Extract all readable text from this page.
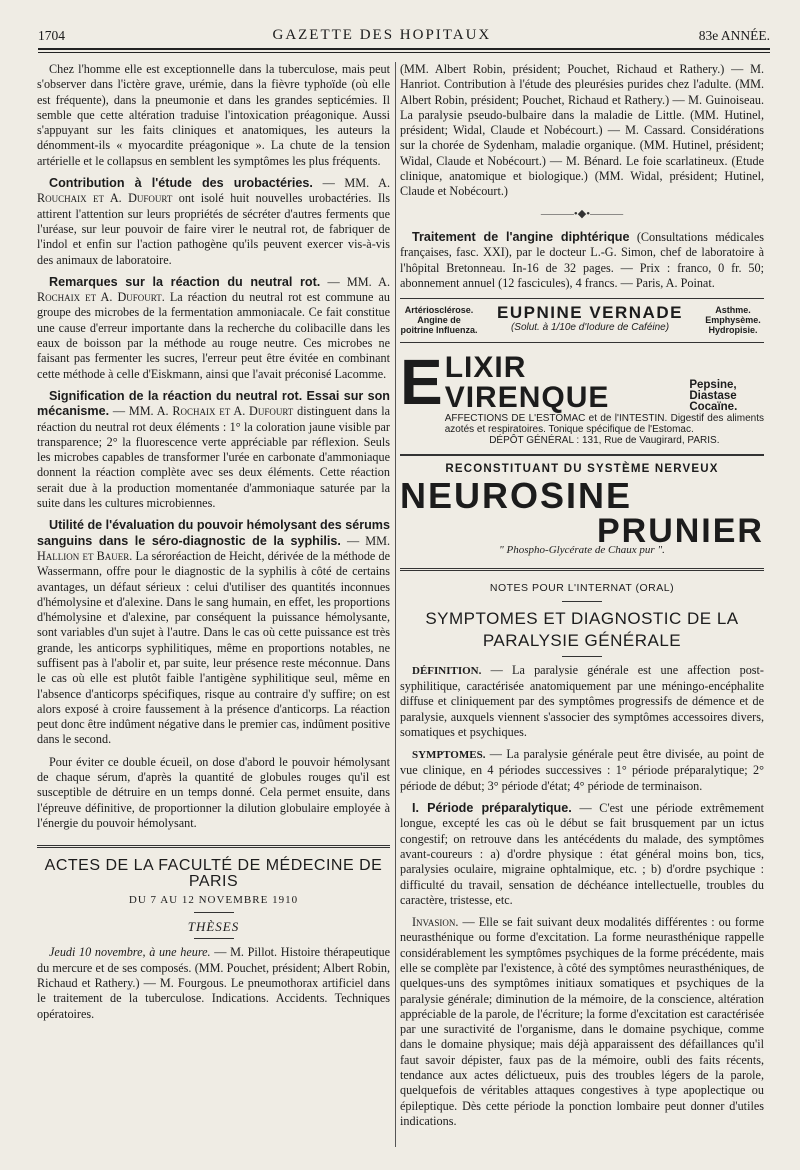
1704	GAZETTE DES HOPITAUX	83e ANNÉE.

Chez l'homme elle est exceptionnelle dans la tuberculose, mais peut s'observer dans l'ictère grave, urémie, dans la fièvre typhoïde (où elle est fréquente), dans la pneumonie et dans les grandes septicémies. Il semble que cette altération traduise l'intoxication préagonique. Aussi s'appuyant sur les faits cliniques et anatomiques, les auteurs la dénomment-ils « myocardite préagonique ». La chute de la tension artérielle et le collapsus en semblent les symptômes les plus fréquents.

Contribution à l'étude des urobactéries. — MM. A. Rouchaix et A. Dufourt ont isolé huit nouvelles urobactéries. Ils attirent l'attention sur leurs propriétés de sécréter d'autres ferments que l'uréase, sur leur pouvoir de faire virer le neutral rot, de fabriquer de l'indol et enfin sur l'action pathogène qu'ils peuvent exercer vis-à-vis des animaux de laboratoire.

Remarques sur la réaction du neutral rot. — MM. A. Rochaix et A. Dufourt. La réaction du neutral rot est commune au groupe des microbes de la fermentation ammoniacale. Ce fait constitue une cause d'erreur importante dans la recherche du colibacille dans les eaux de boisson par la méthode au rouge neutre. Ces microbes ne faisant pas fermenter les sucres, l'erreur peut être évitée en combinant cette méthode à celle d'Eiskmann, ainsi que l'avait préconisé Lacomme.

Signification de la réaction du neutral rot. Essai sur son mécanisme. — MM. A. Rochaix et A. Dufourt distinguent dans la réaction du neutral rot deux éléments : 1° la coloration jaune visible par transparence; 2° la fluorescence verte appréciable par réflexion. Seuls les microbes capables de transformer l'urée en carbonate d'ammoniaque donnent la réaction complète avec ses deux éléments. Cette réaction serait due à la production momentanée d'ammoniaque saturée par la suite dans les cultures microbiennes.

Utilité de l'évaluation du pouvoir hémolysant des sérums sanguins dans le séro-diagnostic de la syphilis. — MM. Hallion et Bauer. La séroréaction de Heicht, dérivée de la méthode de Wassermann, offre pour le diagnostic de la syphilis à côté de certains avantages, un défaut sérieux : celui d'utiliser des quantités inconnues d'hémolysine et d'alexine. Dans le sang humain, en effet, les proportions d'hémolysine et d'alexine, par conséquent la puissance hémolysante, sont variables d'un sujet à l'autre. Dans le cas où cette puissance est très grande, les anticorps syphilitiques, même en proportions notables, ne suffisent pas à l'abolir et, par suite, leur présence reste méconnue. Dans le cas où elle est plutôt faible l'antigène syphilitique seul, même en l'absence d'anticorps spécifiques, risque au contraire d'y suffire; on est alors exposé à croire faussement à la présence d'anticorps. La réaction peut donc être indûment négative dans le premier cas, indûment positive dans le second.

Pour éviter ce double écueil, on dose d'abord le pouvoir hémolysant de chaque sérum, d'après la quantité de globules rouges qu'il est susceptible de détruire en un temps donné. Cela permet ensuite, dans l'épreuve définitive, de proportionner la dilution globulaire employée à l'énergie du pouvoir hémolysant.

ACTES DE LA FACULTÉ DE MÉDECINE DE PARIS
DU 7 AU 12 NOVEMBRE 1910
THÈSES

Jeudi 10 novembre, à une heure. — M. Pillot. Histoire thérapeutique du mercure et de ses composés. (MM. Pouchet, président; Albert Robin, Richaud et Rathery.) — M. Fourgous. Le pneumothorax artificiel dans le traitement de la tuberculose. Indications. Accidents. Techniques opératoires.

(MM. Albert Robin, président; Pouchet, Richaud et Rathery.) — M. Hanriot. Contribution à l'étude des pleurésies purides chez l'adulte. (MM. Albert Robin, président; Pouchet, Richaud et Rathery.) — M. Guinoiseau. La paralysie pseudo-bulbaire dans la maladie de Little. (MM. Hutinel, président; Widal, Claude et Nobécourt.) — M. Cassard. Considérations sur la chorée de Sydenham, maladie organique. (MM. Hutinel, président; Widal, Claude et Nobécourt.) — M. Bénard. Le foie scarlatineux. (Etude clinique, anatomique et biologique.) (MM. Widal, président; Hutinel, Claude et Nobécourt.)

———•◆•———

Traitement de l'angine diphtérique (Consultations médicales françaises, fasc. XXI), par le docteur L.-G. Simon, chef de laboratoire à l'hôpital Bretonneau. In-16 de 32 pages. — Prix : franco, 0 fr. 50; abonnement annuel (12 fascicules), 4 francs. — Paris, A. Poinat.

Artériosclérose. Angine de poitrine Influenza.
EUPNINE VERNADE
(Solut. à 1/10e d'Iodure de Caféine)
Asthme. Emphysème. Hydropisie.
E LIXIR VIRENQUE	Pepsine, Diastase Cocaïne.
AFFECTIONS DE L'ESTOMAC et de l'INTESTIN. Digestif des aliments azotés et respiratoires. Tonique spécifique de l'Estomac.
DÉPÔT GÉNÉRAL : 131, Rue de Vaugirard, PARIS.
RECONSTITUANT DU SYSTÈME NERVEUX
NEUROSINE
PRUNIER
" Phospho-Glycérate de Chaux pur ".
NOTES POUR L'INTERNAT (ORAL)
SYMPTOMES ET DIAGNOSTIC DE LA PARALYSIE GÉNÉRALE

DÉFINITION. — La paralysie générale est une affection post-syphilitique, caractérisée anatomiquement par une méningo-encéphalite diffuse et cliniquement par des symptômes progressifs de démence et de paralysie, auxquels viennent s'associer des symptômes accessoires divers, somatiques et psychiques.

SYMPTOMES. — La paralysie générale peut être divisée, au point de vue clinique, en 4 périodes successives : 1° période préparalytique; 2° période de début; 3° période d'état; 4° période de terminaison.

I. Période préparalytique. — C'est une période extrêmement longue, excepté les cas où le début se fait brusquement par un ictus congestif; on retrouve dans les antécédents du malade, des symptômes avant-coureurs : a) d'ordre physique : état général moins bon, tics, paralysies oculaire, migraine ophtalmique, etc. ; b) d'ordre psychique : difficulté du travail, sensation de déchéance intellectuelle, troubles du caractère, tristesse, etc.

Invasion. — Elle se fait suivant deux modalités différentes : ou forme neurasthénique ou forme d'excitation. La forme neurasthénique rappelle considérablement les symptômes psychiques de la forme précédente, mais elle se complète par l'existence, à côté des symptômes neurasthéniques, de quelques-uns des symptômes initiaux somatiques et psychiques de la paralysie générale; diminution de la mémoire, de la conscience, altération appréciable de la parole, de l'écriture; la forme d'excitation est caractérisée par une suractivité de l'organisme, dans le domaine psychique, comme dans le domaine physique; mais déjà apparaissent des défaillances qu'il faut savoir dépister, faux pas de la mémoire, oubli des faits récents, tendance aux actes délictueux, puis des troubles légers de la parole, quelquefois de véritables attaques congestives à type apoplectique ou épileptique. Dès cette période la ponction lombaire peut donner d'utiles indications.
